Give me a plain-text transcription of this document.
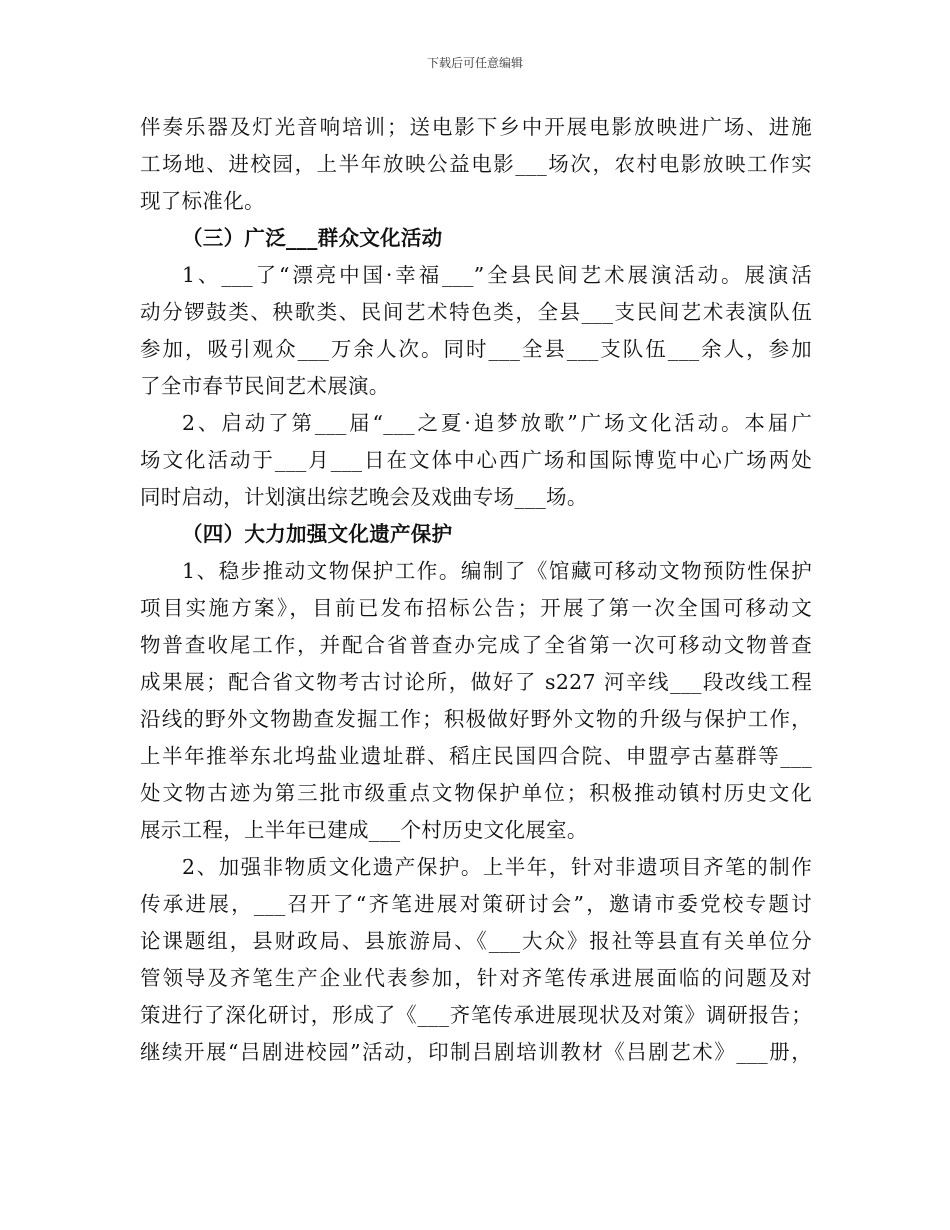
下载后可任意编辑
伴奏乐器及灯光音响培训；送电影下乡中开展电影放映进广场、进施
工场地、进校园，上半年放映公益电影___场次，农村电影放映工作实
现了标准化。
（三）广泛___群众文化活动
1、___了“漂亮中国·幸福___”全县民间艺术展演活动。展演活
动分锣鼓类、秧歌类、民间艺术特色类，全县___支民间艺术表演队伍
参加，吸引观众___万余人次。同时___全县___支队伍___余人，参加
了全市春节民间艺术展演。
2、启动了第___届“___之夏·追梦放歌”广场文化活动。本届广
场文化活动于___月___日在文体中心西广场和国际博览中心广场两处
同时启动，计划演出综艺晚会及戏曲专场___场。
（四）大力加强文化遗产保护
1、稳步推动文物保护工作。编制了《馆藏可移动文物预防性保护
项目实施方案》，目前已发布招标公告；开展了第一次全国可移动文
物普查收尾工作，并配合省普查办完成了全省第一次可移动文物普查
成果展；配合省文物考古讨论所，做好了 s227 河辛线___段改线工程
沿线的野外文物勘查发掘工作；积极做好野外文物的升级与保护工作，
上半年推举东北坞盐业遗址群、稻庄民国四合院、申盟亭古墓群等___
处文物古迹为第三批市级重点文物保护单位；积极推动镇村历史文化
展示工程，上半年已建成___个村历史文化展室。
2、加强非物质文化遗产保护。上半年，针对非遗项目齐笔的制作
传承进展，___召开了“齐笔进展对策研讨会”，邀请市委党校专题讨
论课题组，县财政局、县旅游局、《___大众》报社等县直有关单位分
管领导及齐笔生产企业代表参加，针对齐笔传承进展面临的问题及对
策进行了深化研讨，形成了《___齐笔传承进展现状及对策》调研报告；
继续开展“吕剧进校园”活动，印制吕剧培训教材《吕剧艺术》___册，
